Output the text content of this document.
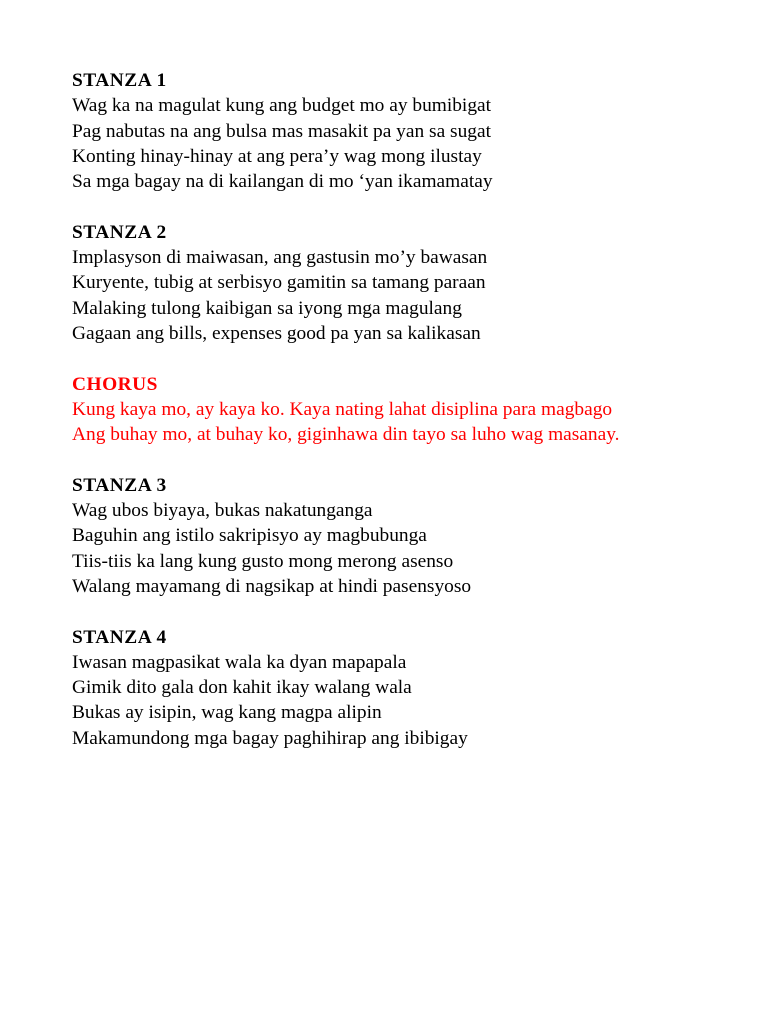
STANZA 1
Wag ka na magulat kung ang budget mo ay bumibigat
Pag nabutas na ang bulsa mas masakit pa yan sa sugat
Konting hinay-hinay at ang pera’y wag mong ilustay
Sa mga bagay na di kailangan di mo ‘yan ikamamatay
STANZA 2
Implasyson di maiwasan, ang gastusin mo’y bawasan
Kuryente, tubig at serbisyo gamitin sa tamang paraan
Malaking tulong kaibigan sa iyong mga magulang
Gagaan ang bills, expenses good pa yan sa kalikasan
CHORUS
Kung kaya mo, ay kaya ko. Kaya nating lahat disiplina para magbago
Ang buhay mo, at buhay ko, giginhawa din tayo sa luho wag masanay.
STANZA 3
Wag ubos biyaya, bukas nakatunganga
Baguhin ang istilo sakripisyo ay magbubunga
Tiis-tiis ka lang kung gusto mong merong asenso
Walang mayamang di nagsikap at hindi pasensyoso
STANZA 4
Iwasan magpasikat wala ka dyan mapapala
Gimik dito gala don kahit ikay walang wala
Bukas ay isipin, wag kang magpa alipin
Makamundong mga bagay paghihirap ang ibibigay
